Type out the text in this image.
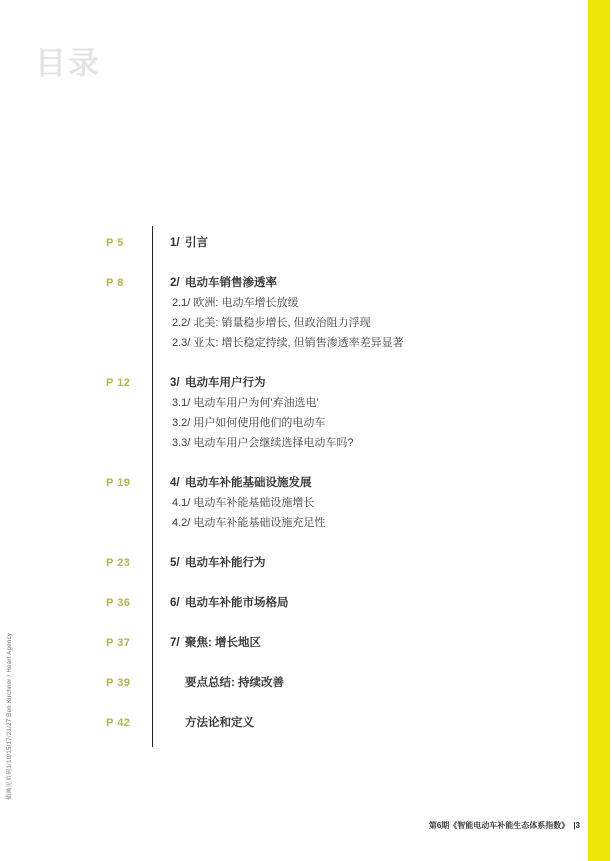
目录
P 5	1/ 引言
P 8	2/ 电动车销售渗透率
2.1/ 欧洲: 电动车增长放缓
2.2/ 北美: 销量稳步增长, 但政治阻力浮现
2.3/ 亚太: 增长稳定持续, 但销售渗透率差异显著
P 12	3/ 电动车用户行为
3.1/ 电动车用户为何'弃油选电'
3.2/ 用户如何使用他们的电动车
3.3/ 电动车用户会继续选择电动车吗?
P 19	4/ 电动车补能基础设施发展
4.1/ 电动车补能基础设施增长
4.2/ 电动车补能基础设施充足性
P 23	5/ 电动车补能行为
P 36	6/ 电动车补能市场格局
P 37	7/ 聚焦: 增长地区
P 39	要点总结: 持续改善
P 42	方法论和定义
第6期《智能电动车补能生态体系指数》 |3
插画见页码1/10/15/17/21/27 Ben Kirchner / Heart Agency
